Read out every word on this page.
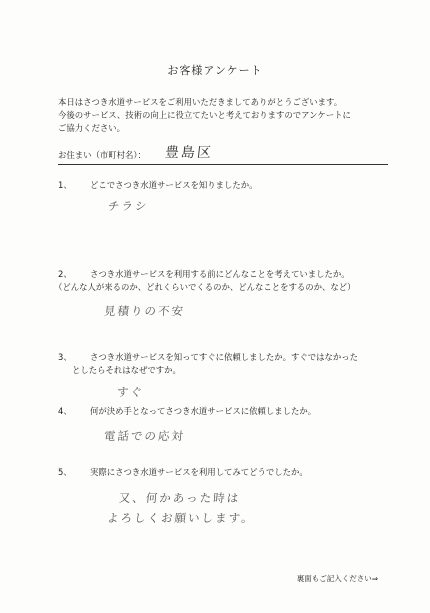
お客様アンケート
本日はさつき水道サービスをご利用いただきましてありがとうございます。
今後のサービス、技術の向上に役立てたいと考えておりますのでアンケートに
ご協力ください。
お住まい（市町村名）： 豊島区
1、 どこでさつき水道サービスを知りましたか。
チラシ
2、 さつき水道サービスを利用する前にどんなことを考えていましたか。
（どんな人が来るのか、どれくらいでくるのか、どんなことをするのか、など）
見積りの不安
3、 さつき水道サービスを知ってすぐに依頼しましたか。すぐではなかった
としたらそれはなぜですか。
すぐ
4、 何が決め手となってさつき水道サービスに依頼しましたか。
電話での応対
5、 実際にさつき水道サービスを利用してみてどうでしたか。
又、何かあった時は
よろしくお願いします。
裏面もご記入ください⇒
